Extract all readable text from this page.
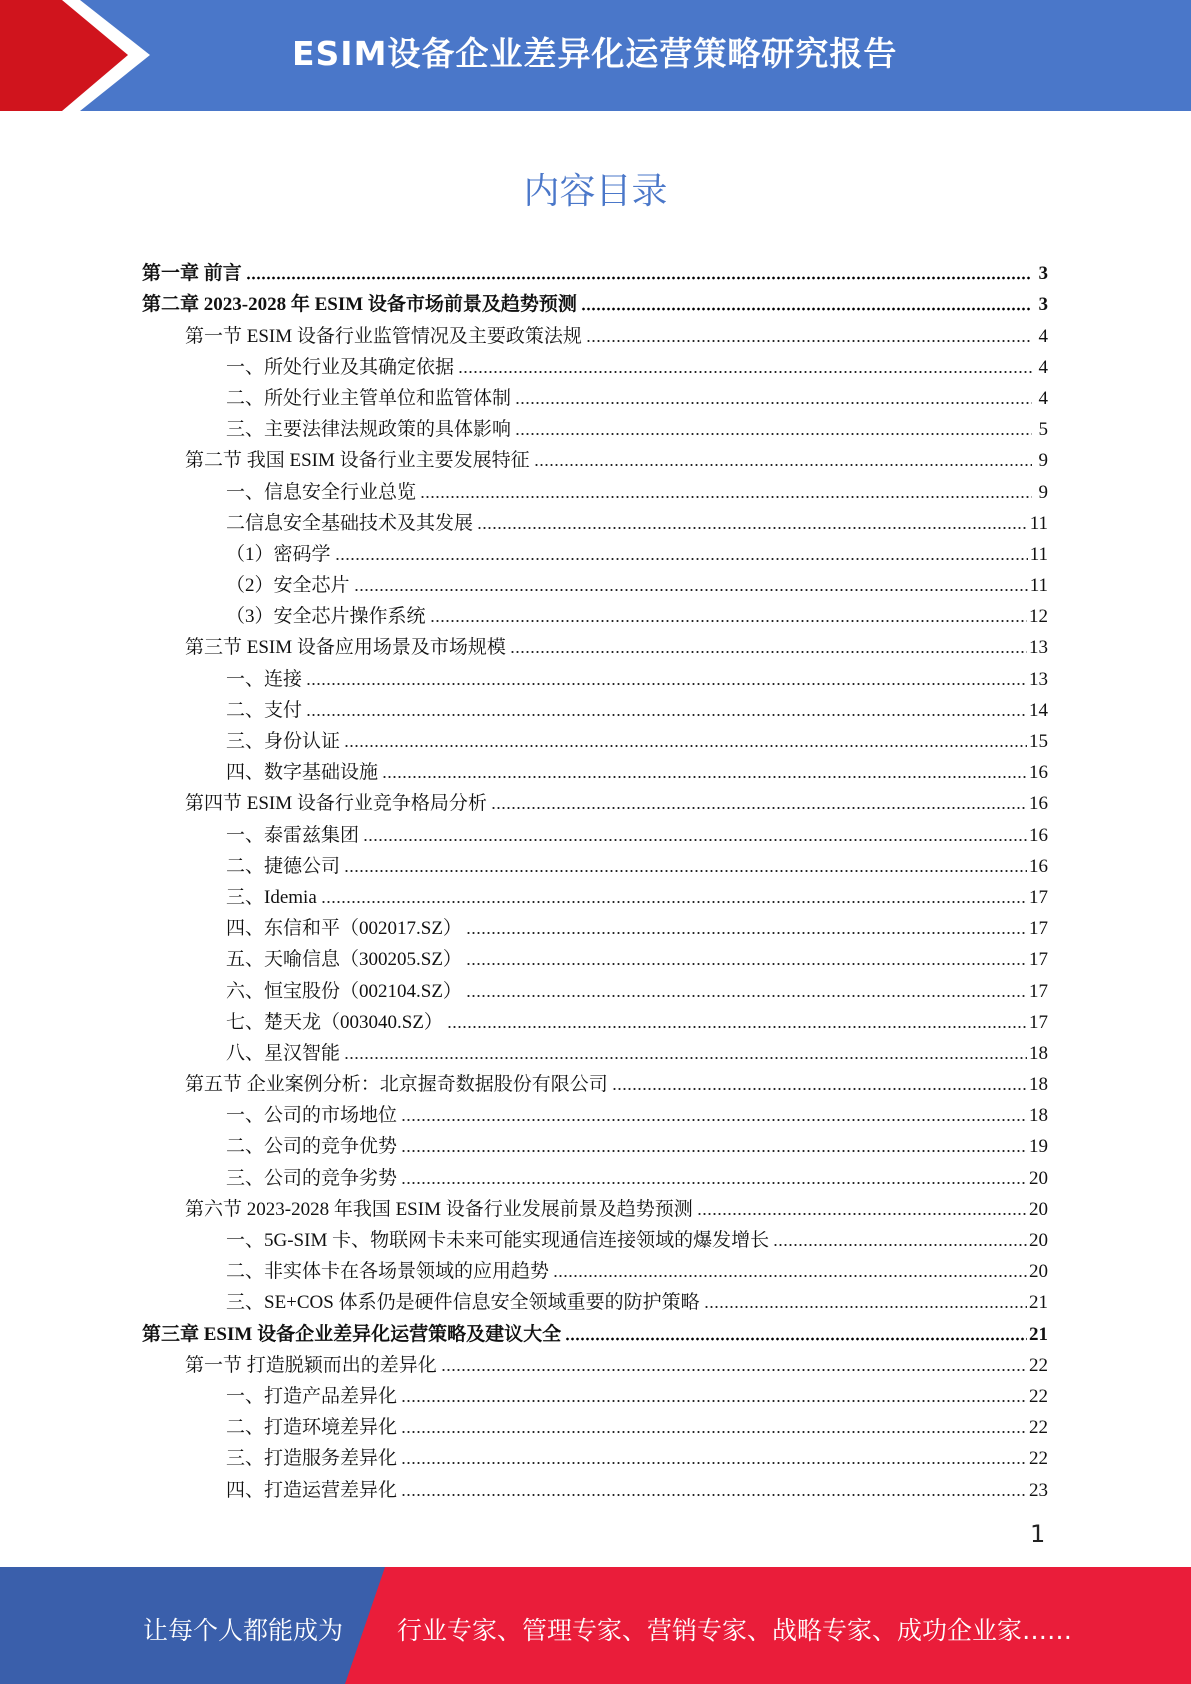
ESIM设备企业差异化运营策略研究报告
内容目录
第一章 前言	3
第二章 2023-2028 年 ESIM 设备市场前景及趋势预测	3
第一节 ESIM 设备行业监管情况及主要政策法规	4
一、所处行业及其确定依据	4
二、所处行业主管单位和监管体制	4
三、主要法律法规政策的具体影响	5
第二节 我国 ESIM 设备行业主要发展特征	9
一、信息安全行业总览	9
二信息安全基础技术及其发展	11
（1）密码学	11
（2）安全芯片	11
（3）安全芯片操作系统	12
第三节 ESIM 设备应用场景及市场规模	13
一、连接	13
二、支付	14
三、身份认证	15
四、数字基础设施	16
第四节 ESIM 设备行业竞争格局分析	16
一、泰雷兹集团	16
二、捷德公司	16
三、Idemia	17
四、东信和平（002017.SZ）	17
五、天喻信息（300205.SZ）	17
六、恒宝股份（002104.SZ）	17
七、楚天龙（003040.SZ）	17
八、星汉智能	18
第五节 企业案例分析：北京握奇数据股份有限公司	18
一、公司的市场地位	18
二、公司的竞争优势	19
三、公司的竞争劣势	20
第六节 2023-2028 年我国 ESIM 设备行业发展前景及趋势预测	20
一、5G-SIM 卡、物联网卡未来可能实现通信连接领域的爆发增长	20
二、非实体卡在各场景领域的应用趋势	20
三、SE+COS 体系仍是硬件信息安全领域重要的防护策略	21
第三章 ESIM 设备企业差异化运营策略及建议大全	21
第一节 打造脱颖而出的差异化	22
一、打造产品差异化	22
二、打造环境差异化	22
三、打造服务差异化	22
四、打造运营差异化	23
1
让每个人都能成为 行业专家、管理专家、营销专家、战略专家、成功企业家……
